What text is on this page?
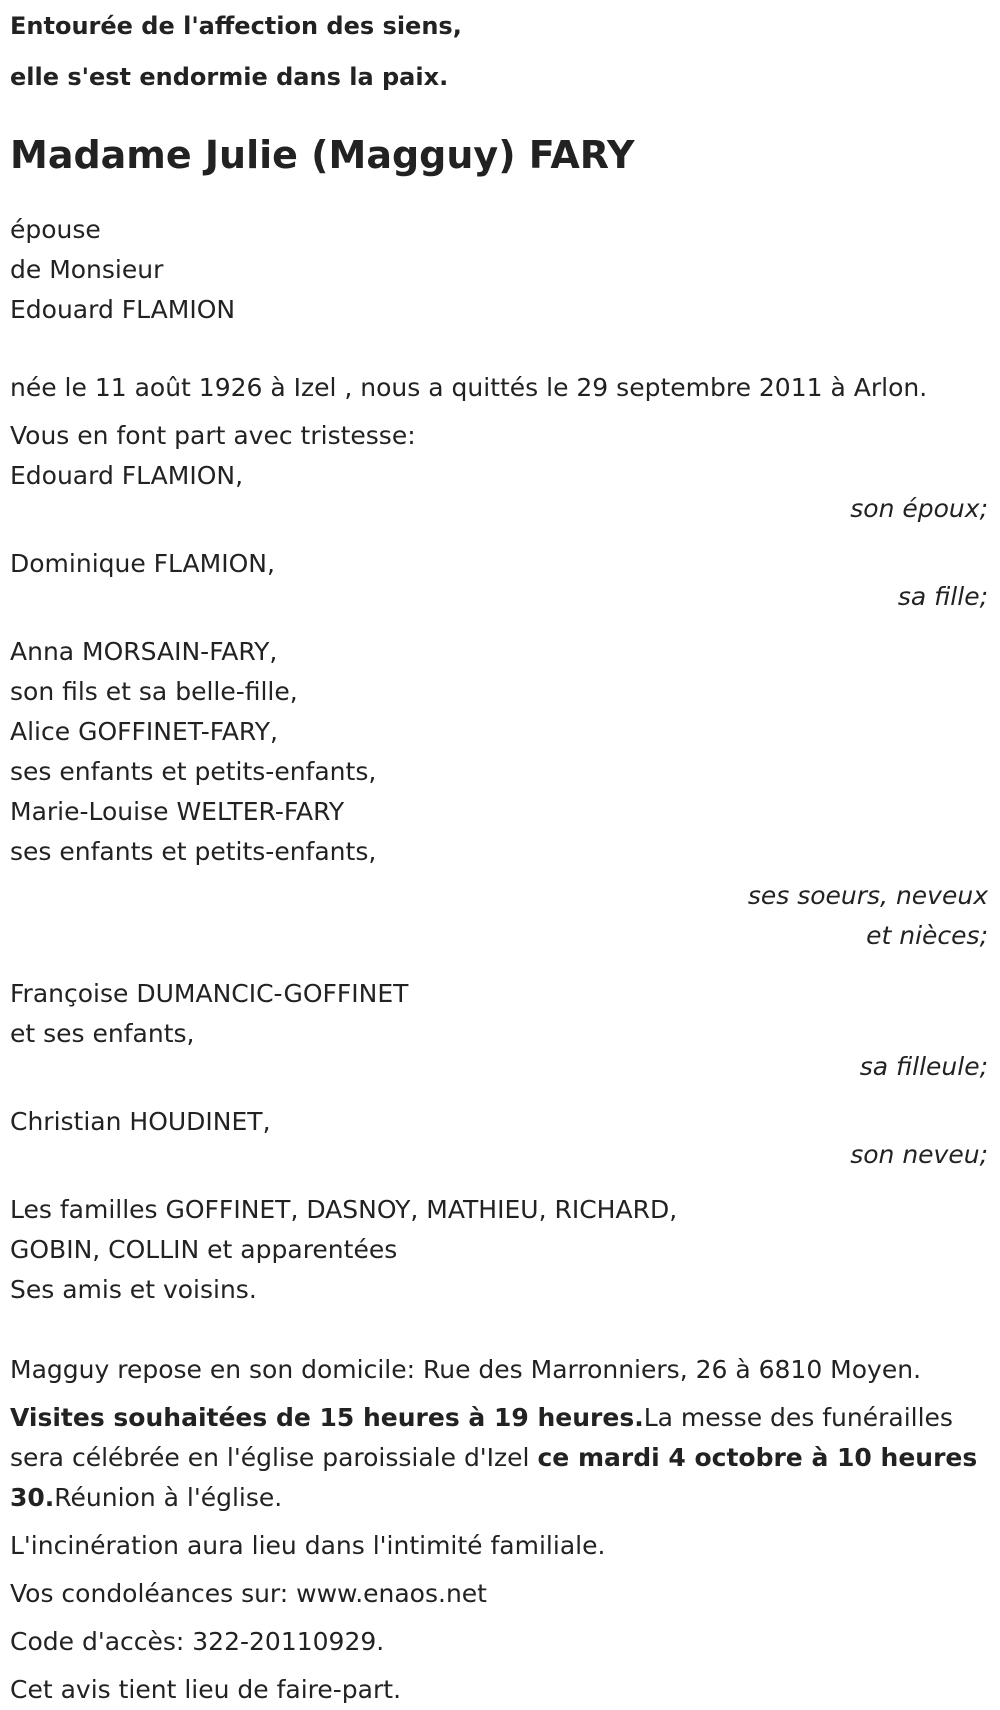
Entourée de l'affection des siens,
elle s'est endormie dans la paix.
Madame Julie (Magguy) FARY
épouse
de Monsieur
Edouard FLAMION
née le 11 août 1926 à Izel , nous a quittés le 29 septembre 2011 à Arlon.
Vous en font part avec tristesse:
Edouard FLAMION,
son époux;
Dominique FLAMION,
sa fille;
Anna MORSAIN-FARY,
son fils et sa belle-fille,
Alice GOFFINET-FARY,
ses enfants et petits-enfants,
Marie-Louise WELTER-FARY
ses enfants et petits-enfants,
ses soeurs, neveux
et nièces;
Françoise DUMANCIC-GOFFINET
et ses enfants,
sa filleule;
Christian HOUDINET,
son neveu;
Les familles GOFFINET, DASNOY, MATHIEU, RICHARD,
GOBIN, COLLIN et apparentées
Ses amis et voisins.
Magguy repose en son domicile: Rue des Marronniers, 26 à 6810 Moyen.
Visites souhaitées de 15 heures à 19 heures.La messe des funérailles sera célébrée en l'église paroissiale d'Izel ce mardi 4 octobre à 10 heures 30.Réunion à l'église.
L'incinération aura lieu dans l'intimité familiale.
Vos condoléances sur: www.enaos.net
Code d'accès: 322-20110929.
Cet avis tient lieu de faire-part.
